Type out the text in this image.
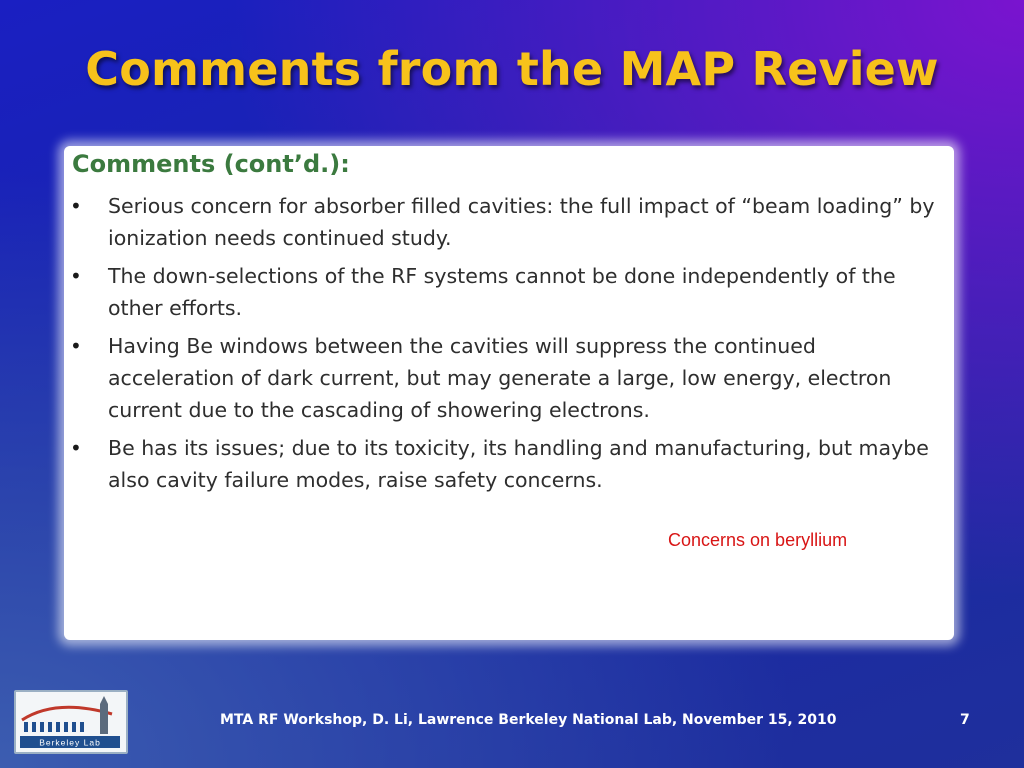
Comments from the MAP Review
Comments (cont’d.):
• Serious concern for absorber filled cavities: the full impact of “beam loading” by ionization needs continued study.
• The down-selections of the RF systems cannot be done independently of the other efforts.
• Having Be windows between the cavities will suppress the continued acceleration of dark current, but may generate a large, low energy, electron current due to the cascading of showering electrons.
• Be has its issues; due to its toxicity, its handling and manufacturing, but maybe also cavity failure modes, raise safety concerns.
Concerns on beryllium
Berkeley Lab
MTA RF Workshop, D. Li, Lawrence Berkeley National Lab, November 15, 2010	7
